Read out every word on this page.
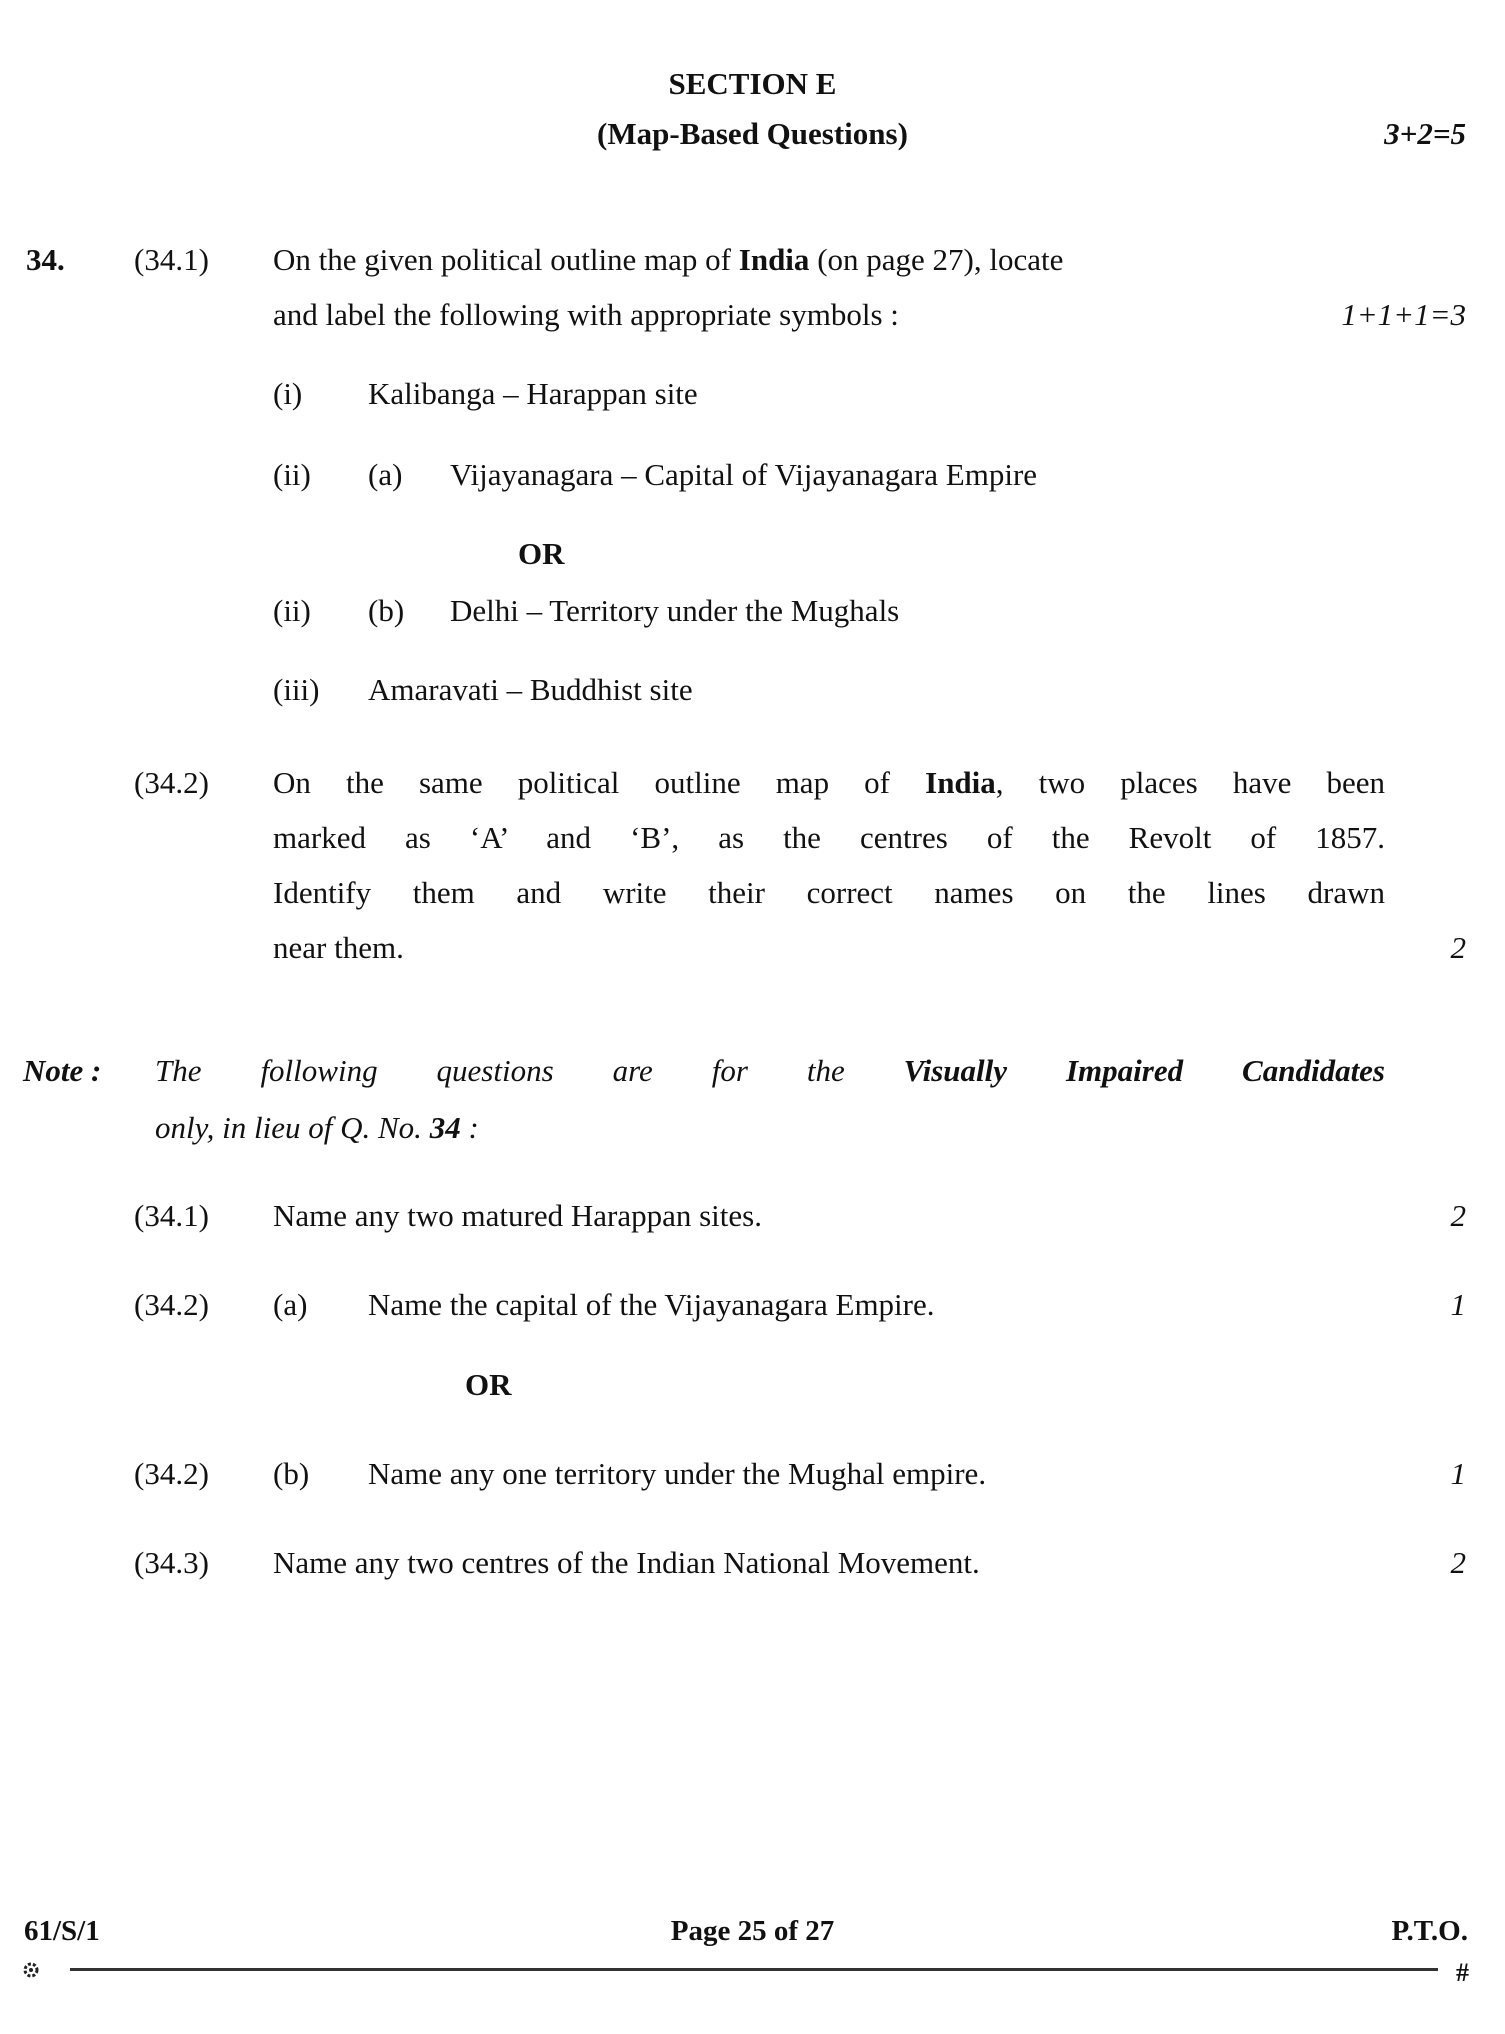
SECTION E
(Map-Based Questions)	3+2=5
34. (34.1) On the given political outline map of India (on page 27), locate
and label the following with appropriate symbols :	1+1+1=3
(i) Kalibanga – Harappan site
(ii) (a) Vijayanagara – Capital of Vijayanagara Empire
OR
(ii) (b) Delhi – Territory under the Mughals
(iii) Amaravati – Buddhist site
(34.2) On the same political outline map of India, two places have been
marked as ‘A’ and ‘B’, as the centres of the Revolt of 1857.
Identify them and write their correct names on the lines drawn
near them.	2
Note : The following questions are for the Visually Impaired Candidates
only, in lieu of Q. No. 34 :
(34.1) Name any two matured Harappan sites.	2
(34.2) (a) Name the capital of the Vijayanagara Empire.	1
OR
(34.2) (b) Name any one territory under the Mughal empire.	1
(34.3) Name any two centres of the Indian National Movement.	2
61/S/1	Page 25 of 27	P.T.O.
#
